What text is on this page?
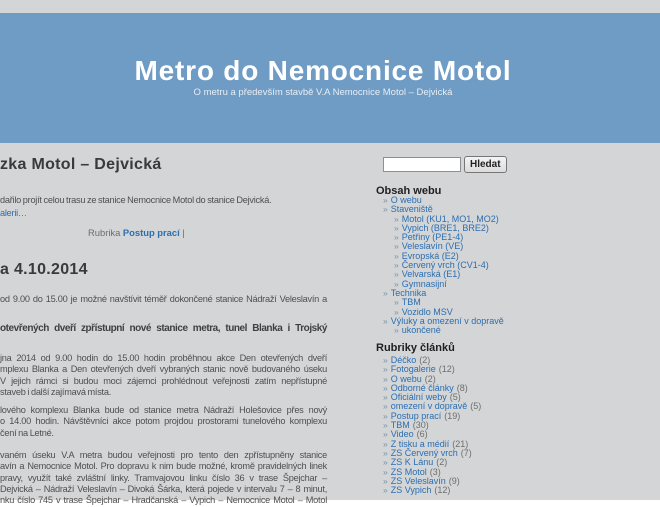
Metro do Nemocnice Motol
O metru a především stavbě V.A Nemocnice Motol – Dejvická
zka Motol – Dejvická
dařilo projít celou trasu ze stanice Nemocnice Motol do stanice Dejvická.
alerii…
Rubrika Postup prací |
a 4.10.2014
od 9.00 do 15.00 je možné navštívit téměř dokončené stanice Nádraží Veleslavín a
otevřených dveří zpřístupní nové stanice metra, tunel Blanka i Trojský
jna 2014 od 9.00 hodin do 15.00 hodin proběhnou akce Den otevřených dveří
mplexu Blanka a Den otevřených dveří vybraných stanic nově budovaného úseku
V jejich rámci si budou moci zájemci prohlédnout veřejnosti zatím nepřístupné
staveb i další zajímavá místa.
lového komplexu Blanka bude od stanice metra Nádraží Holešovice přes nový
o 14.00 hodin. Návštěvníci akce potom projdou prostorami tunelového komplexu
čení na Letné.
vaném úseku V.A metra budou veřejnosti pro tento den zpřístupněny stanice
avín a Nemocnice Motol. Pro dopravu k nim bude možné, kromě pravidelných linek
pravy, využít také zvláštní linky. Tramvajovou linku číslo 36 v trase Špejchar –
Dejvická – Nádraží Veleslavín – Divoká Šárka, která pojede v intervalu 7 – 8 minut,
nku číslo 745 v trase Špejchar – Hradčanská – Vypich – Nemocnice Motol – Motol
Hledat
Obsah webu
» O webu
» Staveniště
» Motol (KU1, MO1, MO2)
» Vypich (BRE1, BRE2)
» Petřiny (PE1-4)
» Veleslavín (VE)
» Evropská (E2)
» Červený vrch (CV1-4)
» Velvarská (E1)
» Gymnasijní
» Technika
» TBM
» Vozidlo MSV
» Výluky a omezení v dopravě
» ukončené
Rubriky článků
» Déčko (2)
» Fotogalerie (12)
» O webu (2)
» Odborné články (8)
» Oficiální weby (5)
» omezení v dopravě (5)
» Postup prací (19)
» TBM (30)
» Video (6)
» Z tisku a médií (21)
» ZS Červený vrch (7)
» ZS K Lánu (2)
» ZS Motol (3)
» ZS Veleslavín (9)
» ZS Vypich (12)
